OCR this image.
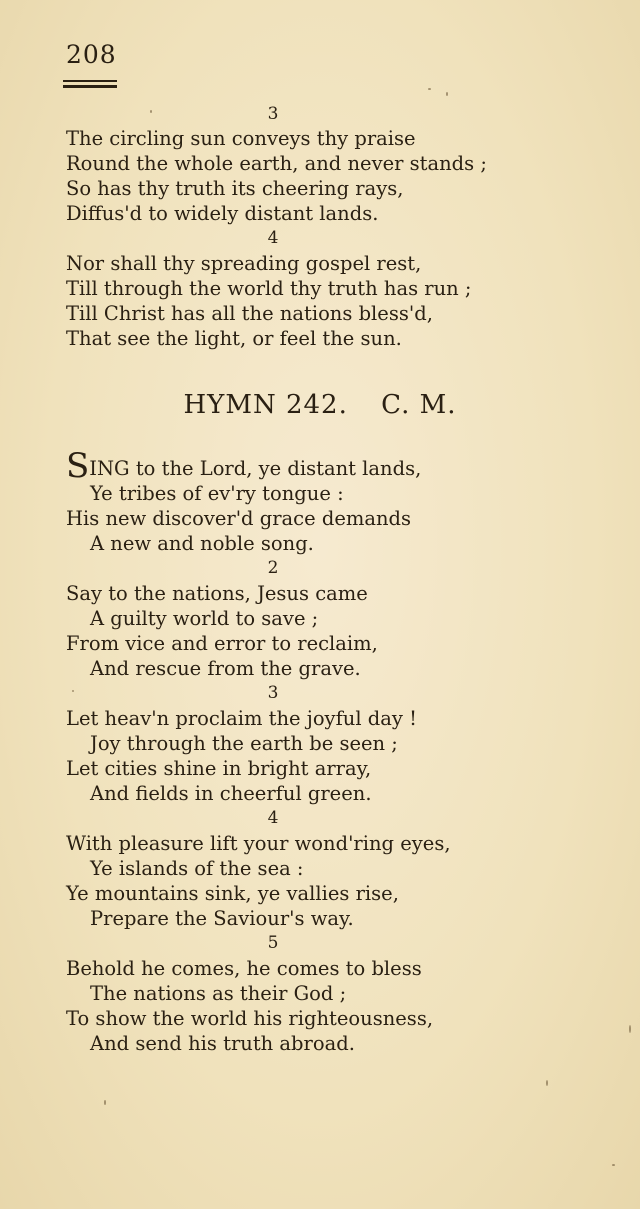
208
3
The circling sun conveys thy praise
Round the whole earth, and never stands ;
So has thy truth its cheering rays,
Diffus'd to widely distant lands.
4
Nor shall thy spreading gospel rest,
Till through the world thy truth has run ;
Till Christ has all the nations bless'd,
That see the light, or feel the sun.
HYMN 242. C. M.
SING to the Lord, ye distant lands,
Ye tribes of ev'ry tongue :
His new discover'd grace demands
A new and noble song.
2
Say to the nations, Jesus came
A guilty world to save ;
From vice and error to reclaim,
And rescue from the grave.
3
Let heav'n proclaim the joyful day !
Joy through the earth be seen ;
Let cities shine in bright array,
And fields in cheerful green.
4
With pleasure lift your wond'ring eyes,
Ye islands of the sea :
Ye mountains sink, ye vallies rise,
Prepare the Saviour's way.
5
Behold he comes, he comes to bless
The nations as their God ;
To show the world his righteousness,
And send his truth abroad.
